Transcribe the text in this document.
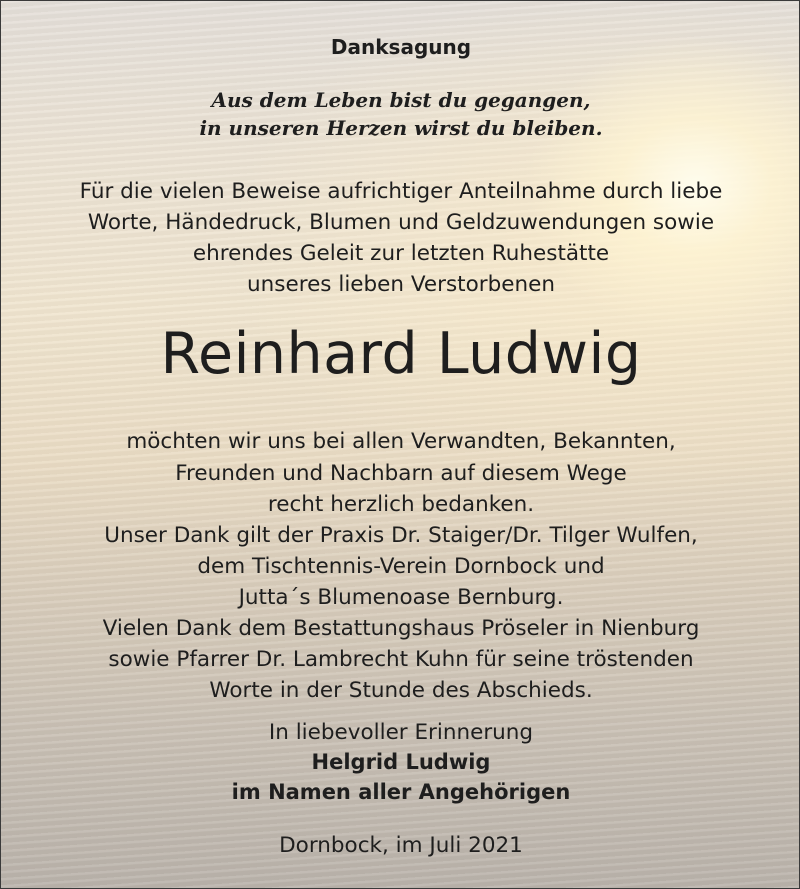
Danksagung
Aus dem Leben bist du gegangen,
in unseren Herzen wirst du bleiben.
Für die vielen Beweise aufrichtiger Anteilnahme durch liebe
Worte, Händedruck, Blumen und Geldzuwendungen sowie
ehrendes Geleit zur letzten Ruhestätte
unseres lieben Verstorbenen
Reinhard Ludwig
möchten wir uns bei allen Verwandten, Bekannten,
Freunden und Nachbarn auf diesem Wege
recht herzlich bedanken.
Unser Dank gilt der Praxis Dr. Staiger/Dr. Tilger Wulfen,
dem Tischtennis-Verein Dornbock und
Jutta´s Blumenoase Bernburg.
Vielen Dank dem Bestattungshaus Pröseler in Nienburg
sowie Pfarrer Dr. Lambrecht Kuhn für seine tröstenden
Worte in der Stunde des Abschieds.
In liebevoller Erinnerung
Helgrid Ludwig
im Namen aller Angehörigen
Dornbock, im Juli 2021
